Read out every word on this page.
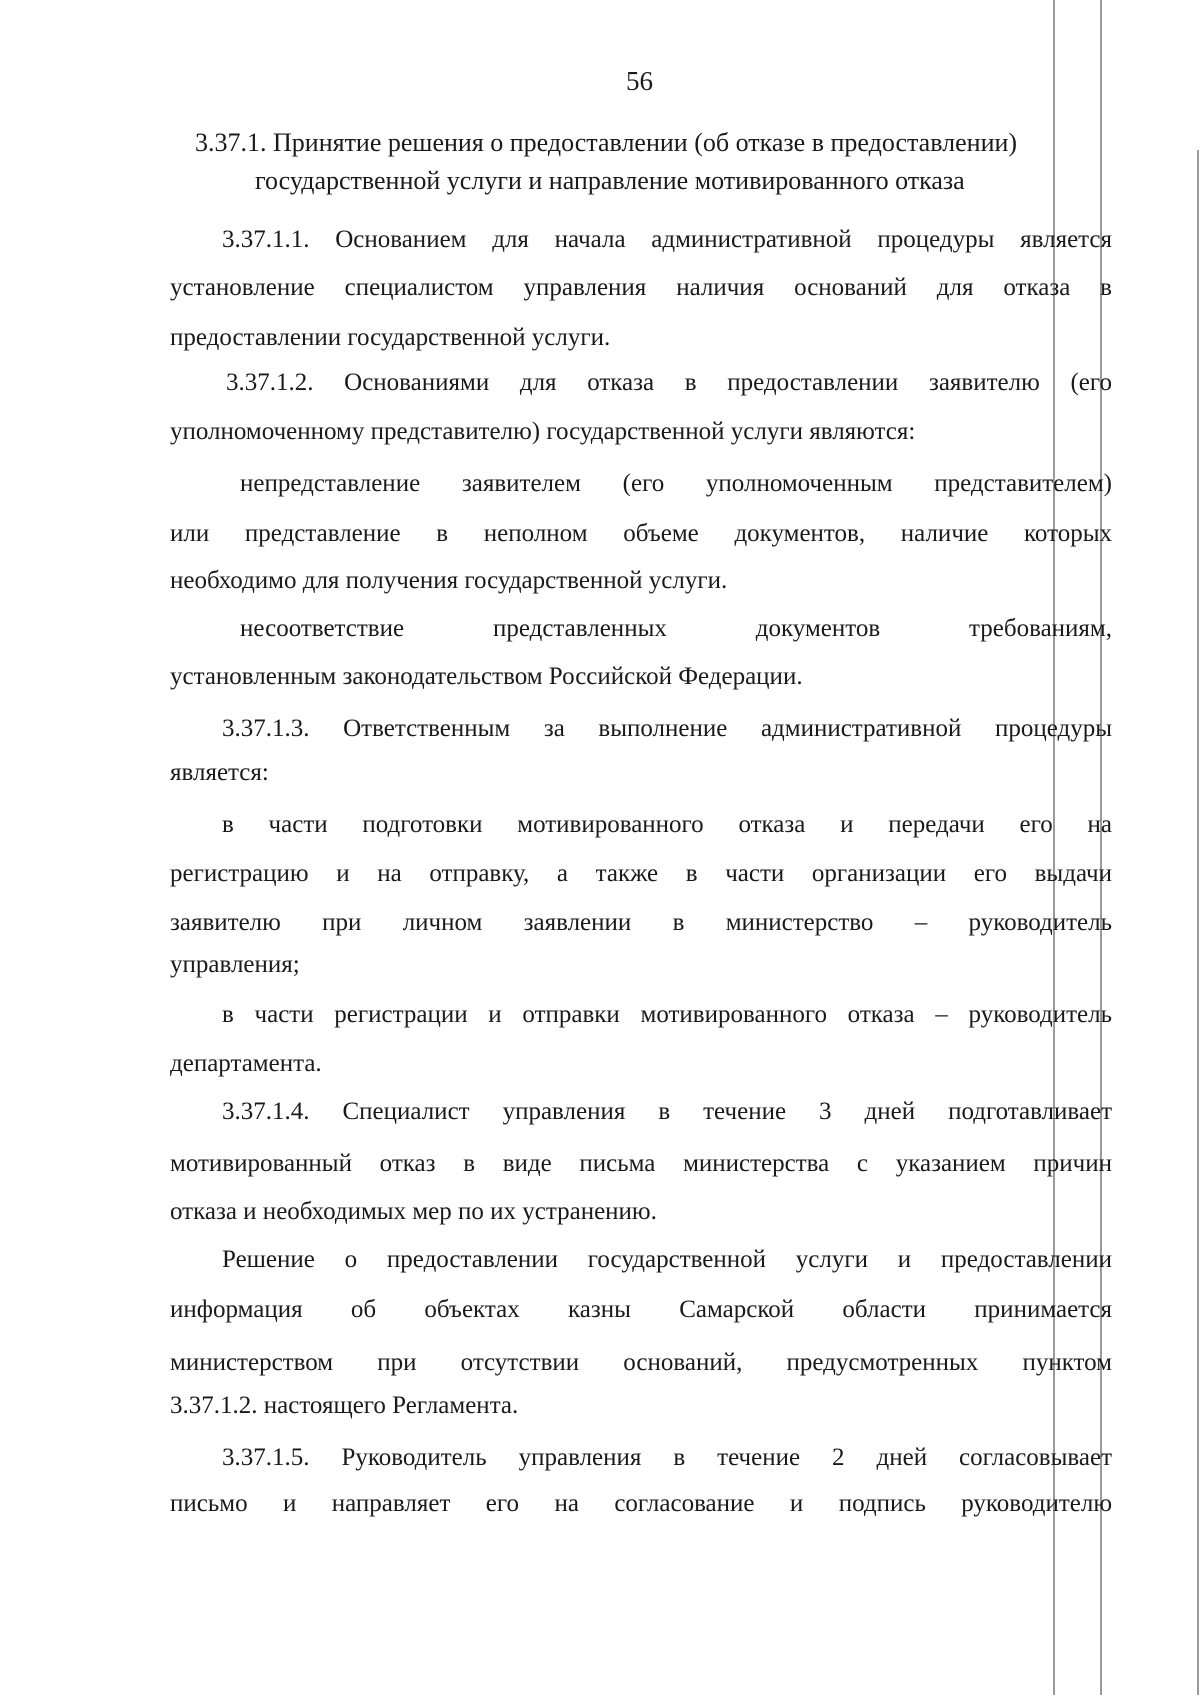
56
3.37.1. Принятие решения о предоставлении (об отказе в предоставлении)
государственной услуги и направление мотивированного отказа
3.37.1.1. Основанием для начала административной процедуры является
установление специалистом управления наличия оснований для отказа в
предоставлении государственной услуги.
3.37.1.2. Основаниями для отказа в предоставлении заявителю (его
уполномоченному представителю) государственной услуги являются:
непредставление заявителем (его уполномоченным представителем)
или представление в неполном объеме документов, наличие которых
необходимо для получения государственной услуги.
несоответствие представленных документов требованиям,
установленным законодательством Российской Федерации.
3.37.1.3. Ответственным за выполнение административной процедуры
является:
в части подготовки мотивированного отказа и передачи его на
регистрацию и на отправку, а также в части организации его выдачи
заявителю при личном заявлении в министерство – руководитель
управления;
в части регистрации и отправки мотивированного отказа – руководитель
департамента.
3.37.1.4. Специалист управления в течение 3 дней подготавливает
мотивированный отказ в виде письма министерства с указанием причин
отказа и необходимых мер по их устранению.
Решение о предоставлении государственной услуги и предоставлении
информация об объектах казны Самарской области принимается
министерством при отсутствии оснований, предусмотренных пунктом
3.37.1.2. настоящего Регламента.
3.37.1.5. Руководитель управления в течение 2 дней согласовывает
письмо и направляет его на согласование и подпись руководителю
